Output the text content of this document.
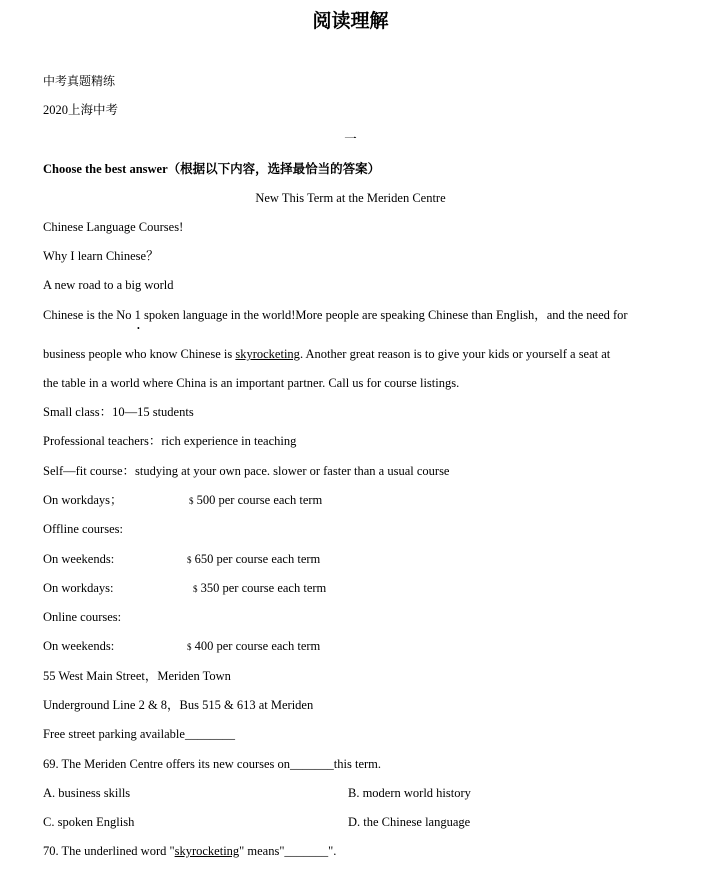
阅读理解
中考真题精练
2020上海中考
一
Choose the best answer（根据以下内容，选择最恰当的答案）
New This Term at the Meriden Centre
Chinese Language Courses!
Why I learn Chinese？
A new road to a big world
Chinese is the No 1 spoken language in the world!More people are speaking Chinese than English，and the need for
•
business people who know Chinese is skyrocketing. Another great reason is to give your kids or yourself a seat at
the table in a world where China is an important partner. Call us for course listings.
Small class：10—15 students
Professional teachers：rich experience in teaching
Self—fit course：studying at your own pace. slower or faster than a usual course
On workdays；	$ 500 per course each term
Offline courses:
On weekends:	$ 650 per course each term
On workdays:	$ 350 per course each term
Online courses:
On weekends:	$ 400 per course each term
55 West Main Street，Meriden Town
Underground Line 2 & 8，Bus 515 & 613 at Meriden
Free street parking available________
69. The Meriden Centre offers its new courses on_______this term.
A. business skills	B. modern world history
C. spoken English	D. the Chinese language
70. The underlined word "skyrocketing" means"_______".
